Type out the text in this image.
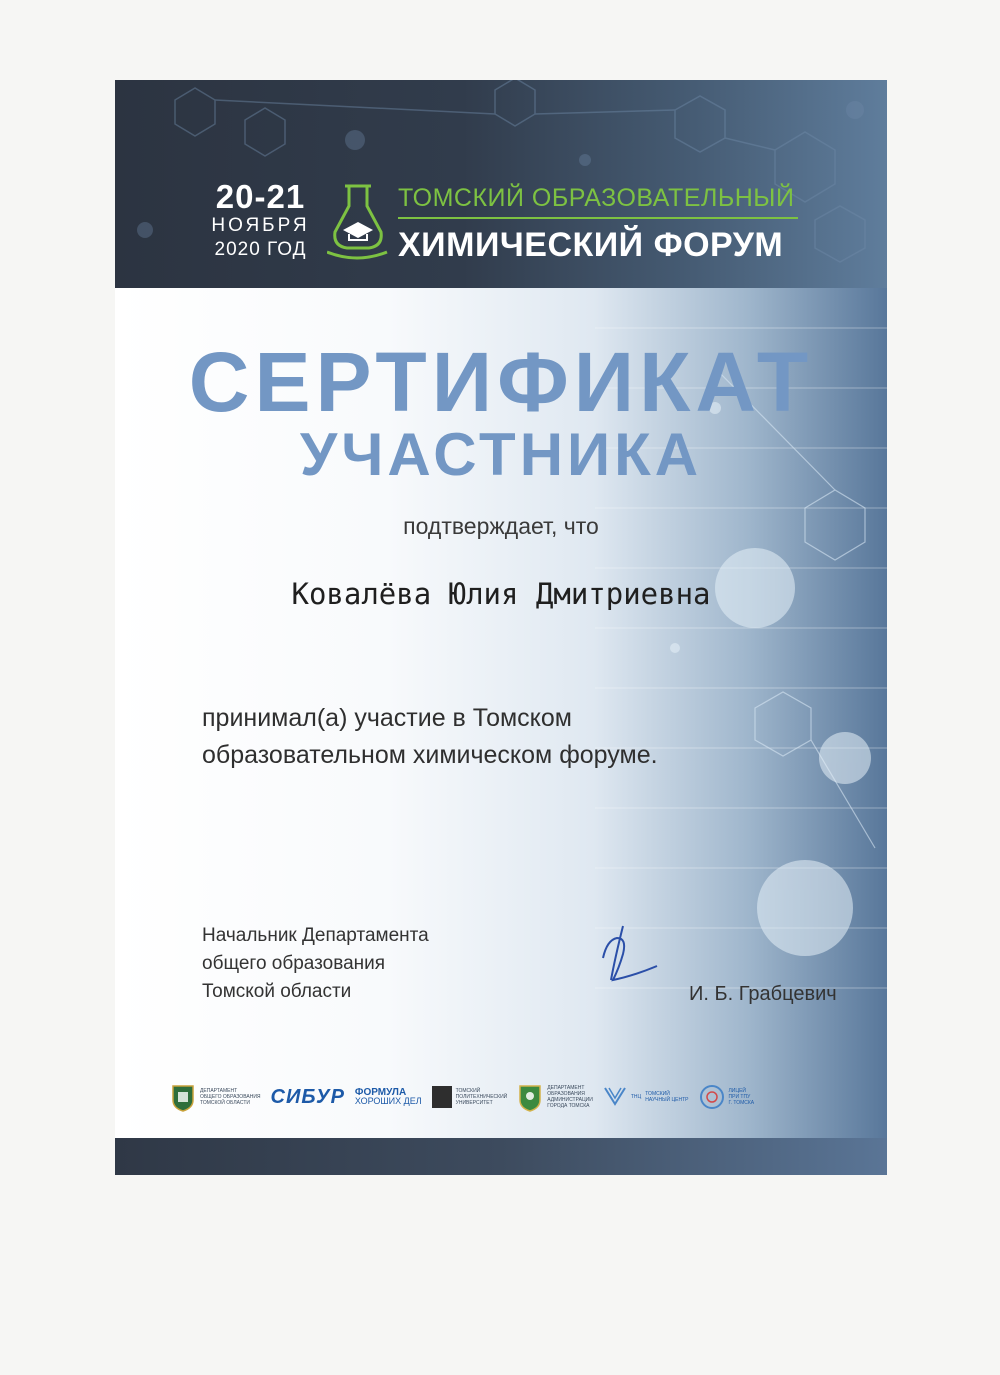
20-21
НОЯБРЯ
2020 ГОД
ТОМСКИЙ ОБРАЗОВАТЕЛЬНЫЙ
ХИМИЧЕСКИЙ ФОРУМ
СЕРТИФИКАТ
УЧАСТНИКА
подтверждает, что
Ковалёва Юлия Дмитриевна
принимал(а) участие в Томском
образовательном химическом форуме.
Начальник Департамента
общего образования
Томской области	И. Б. Грабцевич
ДЕПАРТАМЕНТ
ОБЩЕГО ОБРАЗОВАНИЯ
ТОМСКОЙ ОБЛАСТИ	СИБУР ФОРМУЛА
ХОРОШИХ ДЕЛ
ТОМСКИЙ
ПОЛИТЕХНИЧЕСКИЙ
УНИВЕРСИТЕТ
ДЕПАРТАМЕНТ
ОБРАЗОВАНИЯ
АДМИНИСТРАЦИИ
ГОРОДА ТОМСКА
ТНЦ ТОМСКИЙ
НАУЧНЫЙ ЦЕНТР
ЛИЦЕЙ
ПРИ ТПУ
Г. ТОМСКА
